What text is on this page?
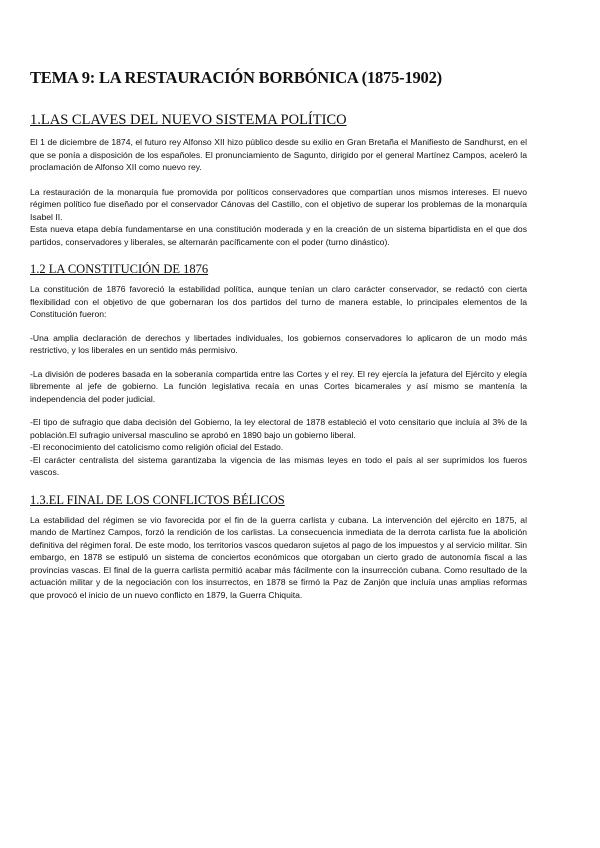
TEMA 9: LA RESTAURACIÓN BORBÓNICA (1875-1902)
1.LAS CLAVES DEL NUEVO SISTEMA POLÍTICO

El 1 de diciembre de 1874, el futuro rey Alfonso XII hizo público desde su exilio en Gran Bretaña el Manifiesto de Sandhurst, en el que se ponía a disposición de los españoles. El pronunciamiento de Sagunto, dirigido por el general Martínez Campos, aceleró la proclamación de Alfonso XII como nuevo rey.

La restauración de la monarquía fue promovida por políticos conservadores que compartían unos mismos intereses. El nuevo régimen político fue diseñado por el conservador Cánovas del Castillo, con el objetivo de superar los problemas de la monarquía Isabel II.

Esta nueva etapa debía fundamentarse en una constitución moderada y en la creación de un sistema bipartidista en el que dos partidos, conservadores y liberales, se alternarán pacíficamente con el poder (turno dinástico).

1.2 LA CONSTITUCIÓN DE 1876

La constitución de 1876 favoreció la estabilidad política, aunque tenían un claro carácter conservador, se redactó con cierta flexibilidad con el objetivo de que gobernaran los dos partidos del turno de manera estable, lo principales elementos de la Constitución fueron:

-Una amplia declaración de derechos y libertades individuales, los gobiernos conservadores lo aplicaron de un modo más restrictivo, y los liberales en un sentido más permisivo.

-La división de poderes basada en la soberanía compartida entre las Cortes y el rey. El rey ejercía la jefatura del Ejército y elegía libremente al jefe de gobierno. La función legislativa recaía en unas Cortes bicamerales y así mismo se mantenía la independencia del poder judicial.

-El tipo de sufragio que daba decisión del Gobierno, la ley electoral de 1878 estableció el voto censitario que incluía al 3% de la población.El sufragio universal masculino se aprobó en 1890 bajo un gobierno liberal.

-El reconocimiento del catolicismo como religión oficial del Estado.

-El carácter centralista del sistema garantizaba la vigencia de las mismas leyes en todo el país al ser suprimidos los fueros vascos.

1.3.EL FINAL DE LOS CONFLICTOS BÉLICOS

La estabilidad del régimen se vio favorecida por el fin de la guerra carlista y cubana. La intervención del ejército en 1875, al mando de Martínez Campos, forzó la rendición de los carlistas. La consecuencia inmediata de la derrota carlista fue la abolición definitiva del régimen foral. De este modo, los territorios vascos quedaron sujetos al pago de los impuestos y al servicio militar. Sin embargo, en 1878 se estipuló un sistema de conciertos económicos que otorgaban un cierto grado de autonomía fiscal a las provincias vascas. El final de la guerra carlista permitió acabar más fácilmente con la insurrección cubana. Como resultado de la actuación militar y de la negociación con los insurrectos, en 1878 se firmó la Paz de Zanjón que incluía unas amplias reformas que provocó el inicio de un nuevo conflicto en 1879, la Guerra Chiquita.
